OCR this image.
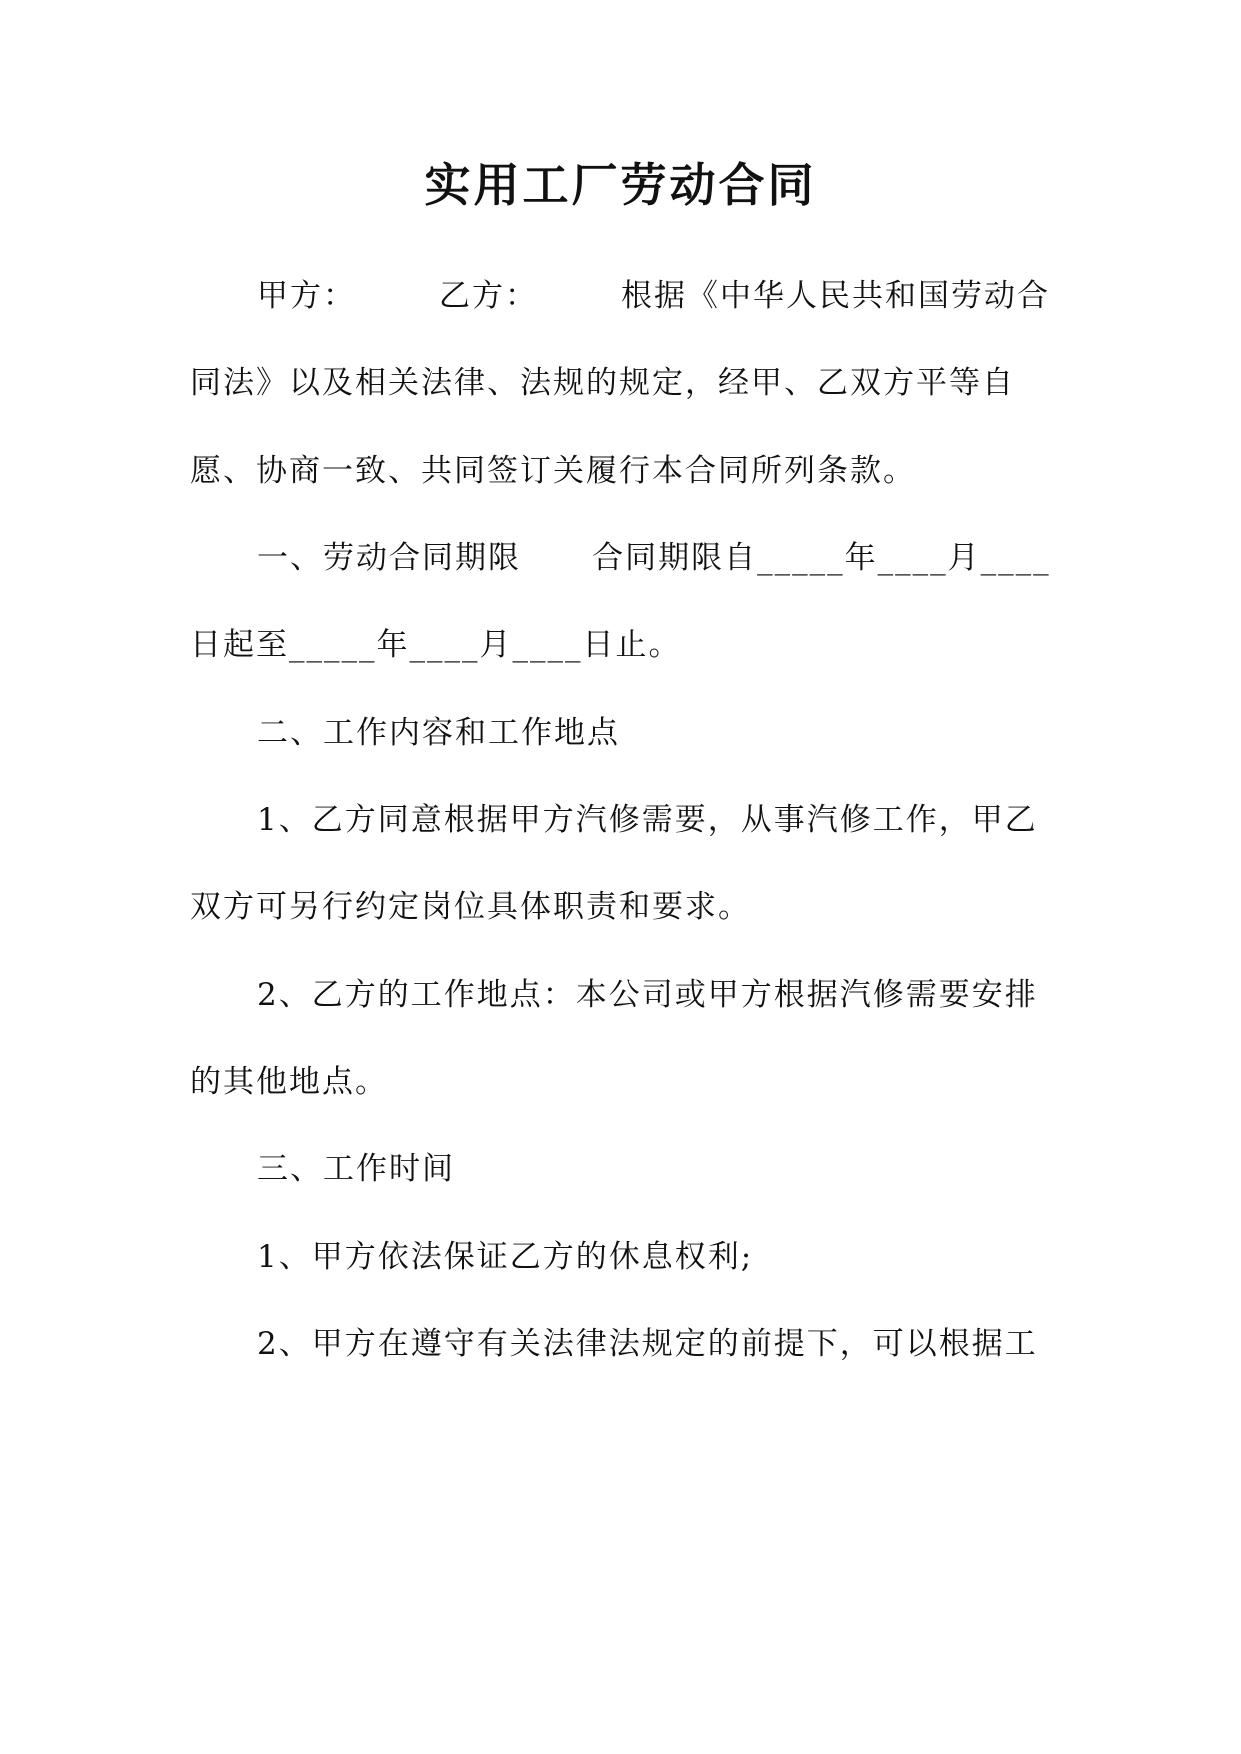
实用工厂劳动合同
甲方：       乙方：       根据《中华人民共和国劳动合
同法》以及相关法律、法规的规定，经甲、乙双方平等自
愿、协商一致、共同签订关履行本合同所列条款。
一、劳动合同期限      合同期限自_____年____月____
日起至_____年____月____日止。
二、工作内容和工作地点
1、乙方同意根据甲方汽修需要，从事汽修工作，甲乙
双方可另行约定岗位具体职责和要求。
2、乙方的工作地点：本公司或甲方根据汽修需要安排
的其他地点。
三、工作时间
1、甲方依法保证乙方的休息权利;
2、甲方在遵守有关法律法规定的前提下，可以根据工
